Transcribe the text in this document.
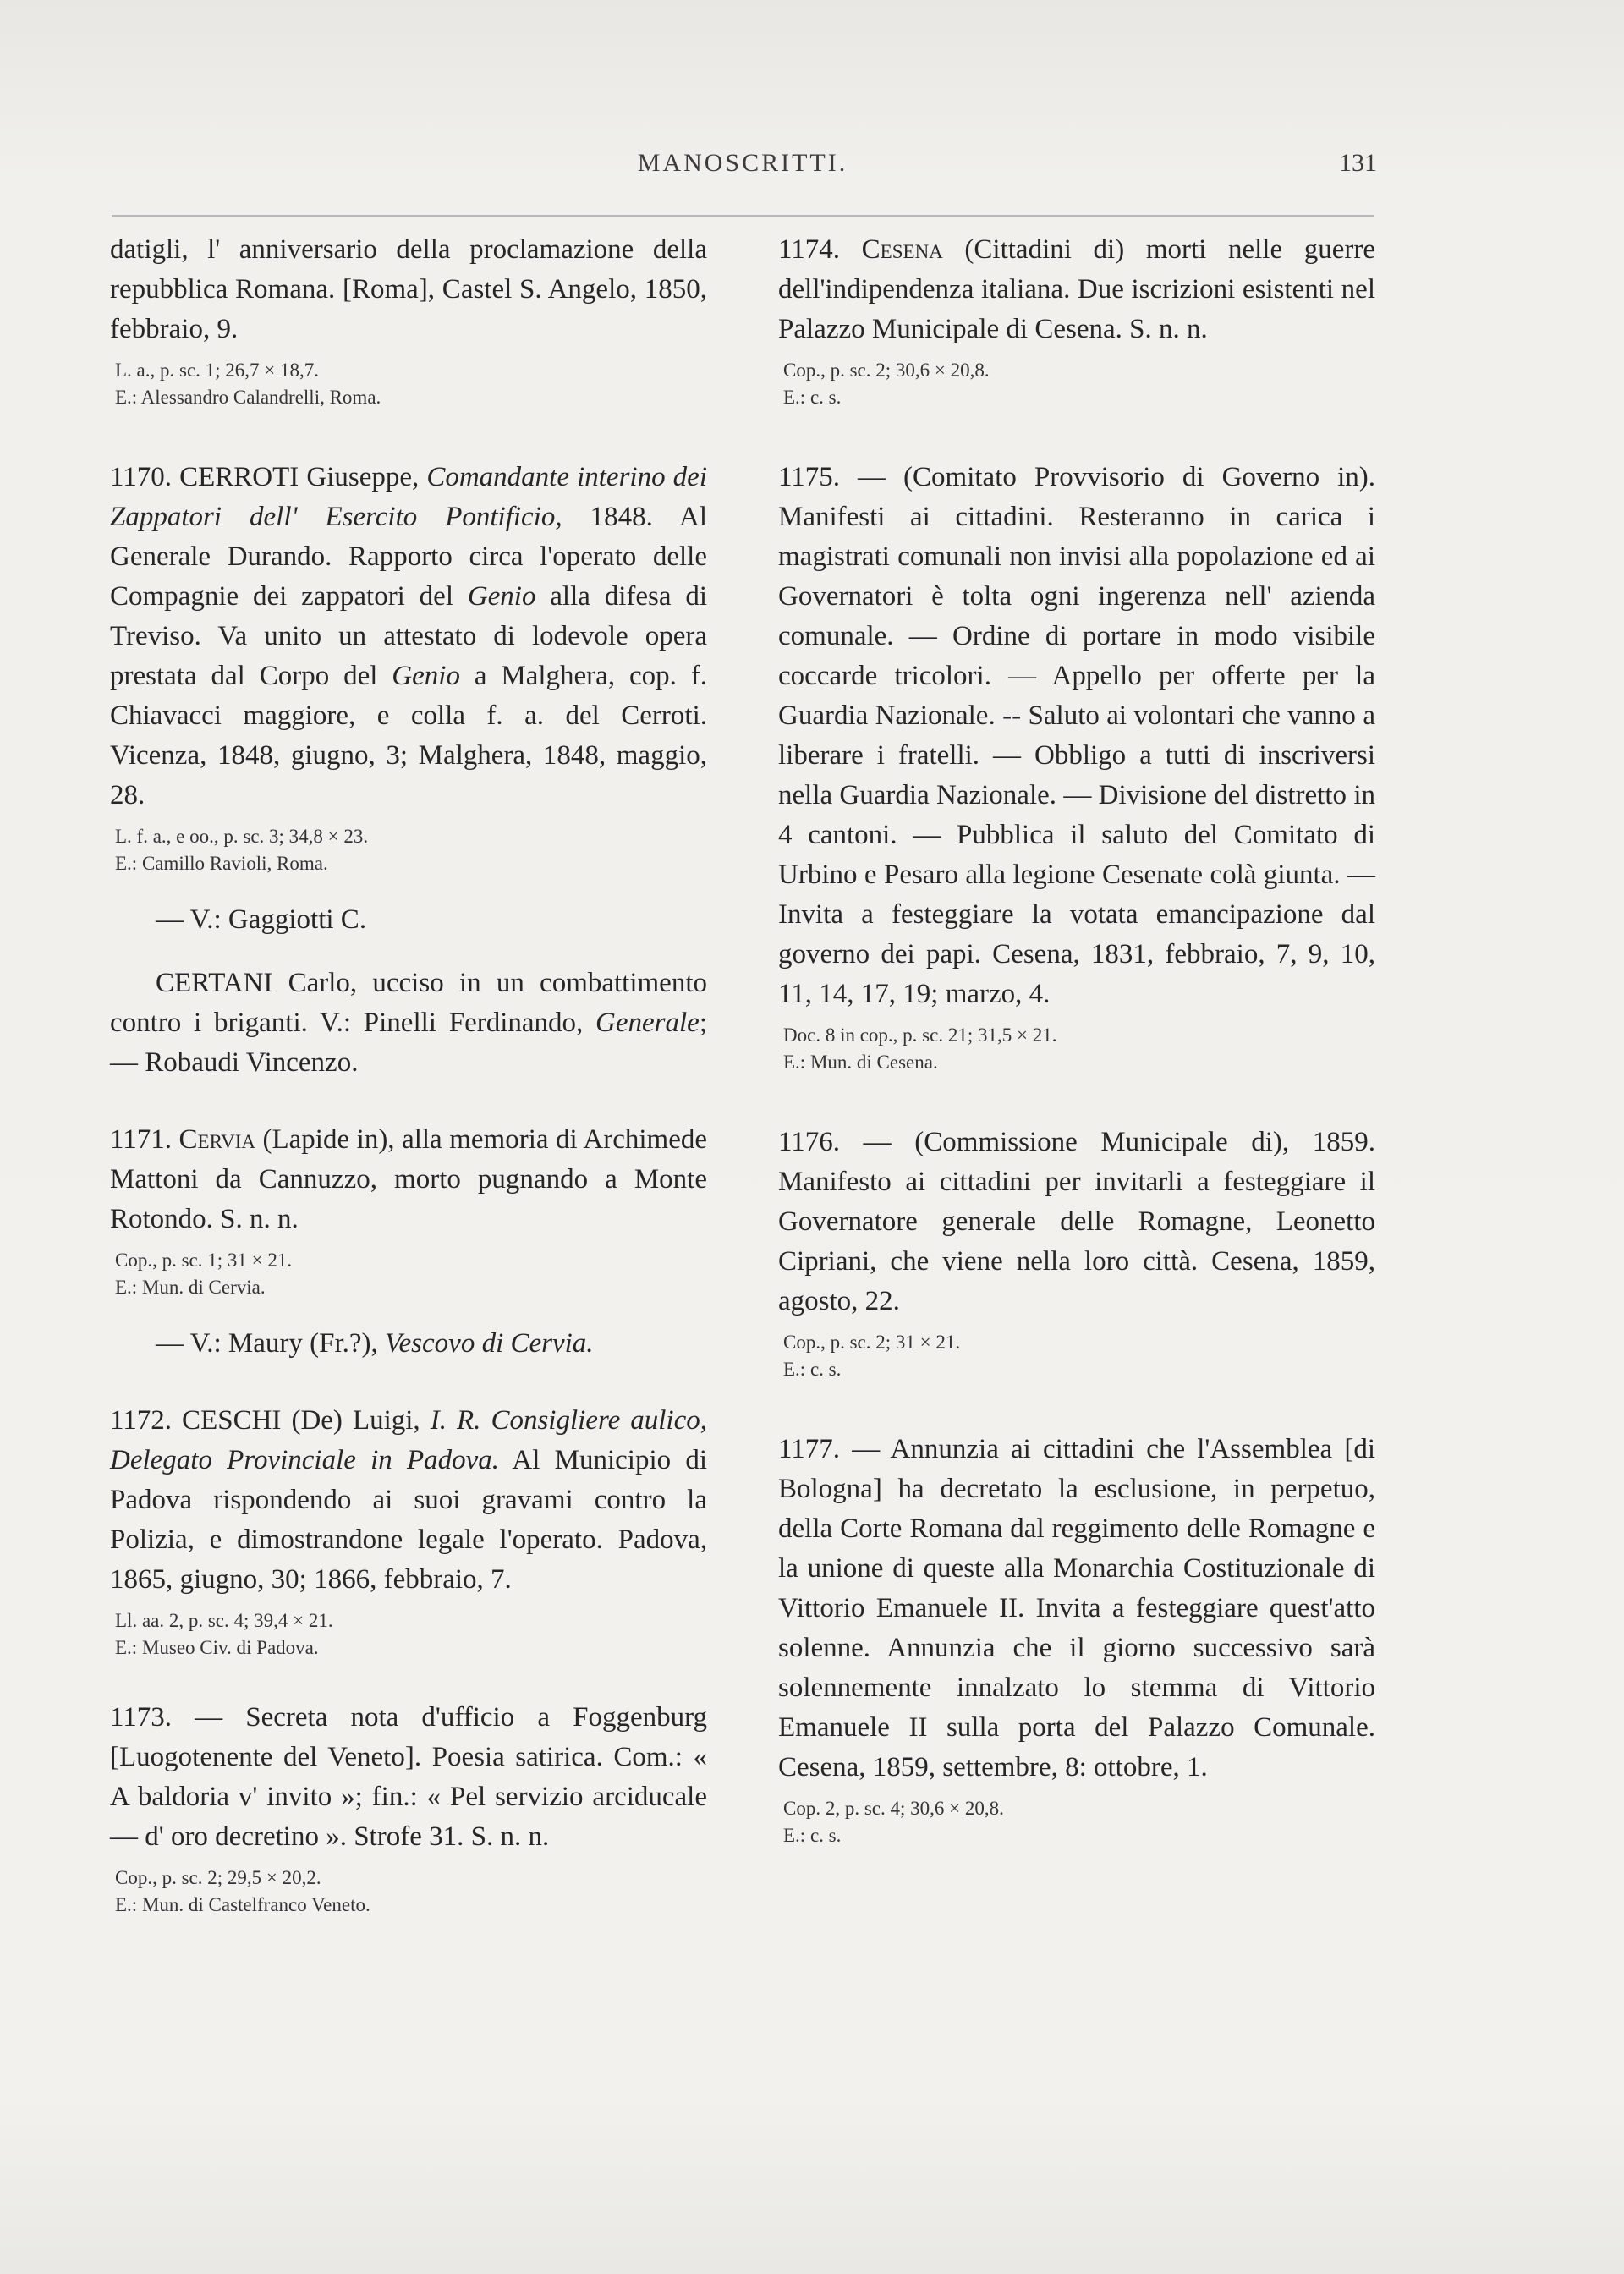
MANOSCRITTI.	131

datigli, l' anniversario della proclamazione della repubblica Romana. [Roma], Castel S. Angelo, 1850, febbraio, 9.

L. a., p. sc. 1; 26,7 × 18,7.

E.: Alessandro Calandrelli, Roma.

1170. CERROTI Giuseppe, Comandante interino dei Zappatori dell' Esercito Pontificio, 1848. Al Generale Durando. Rapporto circa l'operato delle Compagnie dei zappatori del Genio alla difesa di Treviso. Va unito un attestato di lodevole opera prestata dal Corpo del Genio a Malghera, cop. f. Chiavacci maggiore, e colla f. a. del Cerroti. Vicenza, 1848, giugno, 3; Malghera, 1848, maggio, 28.

L. f. a., e oo., p. sc. 3; 34,8 × 23.

E.: Camillo Ravioli, Roma.

— V.: Gaggiotti C.

CERTANI Carlo, ucciso in un combattimento contro i briganti. V.: Pinelli Ferdinando, Generale; — Robaudi Vincenzo.

1171. Cervia (Lapide in), alla memoria di Archimede Mattoni da Cannuzzo, morto pugnando a Monte Rotondo. S. n. n.

Cop., p. sc. 1; 31 × 21.

E.: Mun. di Cervia.

— V.: Maury (Fr.?), Vescovo di Cervia.

1172. CESCHI (De) Luigi, I. R. Consigliere aulico, Delegato Provinciale in Padova. Al Municipio di Padova rispondendo ai suoi gravami contro la Polizia, e dimostrandone legale l'operato. Padova, 1865, giugno, 30; 1866, febbraio, 7.

Ll. aa. 2, p. sc. 4; 39,4 × 21.

E.: Museo Civ. di Padova.

1173. — Secreta nota d'ufficio a Foggenburg [Luogotenente del Veneto]. Poesia satirica. Com.: « A baldoria v' invito »; fin.: « Pel servizio arciducale — d' oro decretino ». Strofe 31. S. n. n.

Cop., p. sc. 2; 29,5 × 20,2.

E.: Mun. di Castelfranco Veneto.

1174. Cesena (Cittadini di) morti nelle guerre dell'indipendenza italiana. Due iscrizioni esistenti nel Palazzo Municipale di Cesena. S. n. n.

Cop., p. sc. 2; 30,6 × 20,8.

E.: c. s.

1175. — (Comitato Provvisorio di Governo in). Manifesti ai cittadini. Resteranno in carica i magistrati comunali non invisi alla popolazione ed ai Governatori è tolta ogni ingerenza nell' azienda comunale. — Ordine di portare in modo visibile coccarde tricolori. — Appello per offerte per la Guardia Nazionale. -- Saluto ai volontari che vanno a liberare i fratelli. — Obbligo a tutti di inscriversi nella Guardia Nazionale. — Divisione del distretto in 4 cantoni. — Pubblica il saluto del Comitato di Urbino e Pesaro alla legione Cesenate colà giunta. — Invita a festeggiare la votata emancipazione dal governo dei papi. Cesena, 1831, febbraio, 7, 9, 10, 11, 14, 17, 19; marzo, 4.

Doc. 8 in cop., p. sc. 21; 31,5 × 21.

E.: Mun. di Cesena.

1176. — (Commissione Municipale di), 1859. Manifesto ai cittadini per invitarli a festeggiare il Governatore generale delle Romagne, Leonetto Cipriani, che viene nella loro città. Cesena, 1859, agosto, 22.

Cop., p. sc. 2; 31 × 21.

E.: c. s.

1177. — Annunzia ai cittadini che l'Assemblea [di Bologna] ha decretato la esclusione, in perpetuo, della Corte Romana dal reggimento delle Romagne e la unione di queste alla Monarchia Costituzionale di Vittorio Emanuele II. Invita a festeggiare quest'atto solenne. Annunzia che il giorno successivo sarà solennemente innalzato lo stemma di Vittorio Emanuele II sulla porta del Palazzo Comunale. Cesena, 1859, settembre, 8: ottobre, 1.

Cop. 2, p. sc. 4; 30,6 × 20,8.

E.: c. s.
